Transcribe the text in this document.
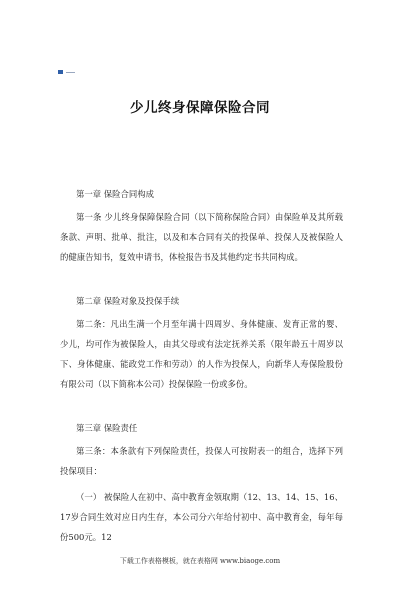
少儿终身保障保险合同
第一章 保险合同构成
第一条 少儿终身保障保险合同（以下简称保险合同）由保险单及其所载条款、声明、批单、批注，以及和本合同有关的投保单、投保人及被保险人的健康告知书，复效申请书，体检报告书及其他约定书共同构成。
第二章 保险对象及投保手续
第二条：凡出生满一个月至年满十四周岁、身体健康、发育正常的婴、少儿，均可作为被保险人，由其父母或有法定抚养关系（限年龄五十周岁以下、身体健康、能政党工作和劳动）的人作为投保人，向新华人寿保险股份有限公司（以下简称本公司）投保保险一份或多份。
第三章 保险责任
第三条：本条款有下列保险责任，投保人可按附表一的组合，选择下列投保项目：
（一） 被保险人在初中、高中教育金领取期（12、13、14、15、16、17岁合同生效对应日内生存，本公司分六年给付初中、高中教育金，每年每份500元。12
下载工作表格模板，就在表格网 www.biaoge.com
